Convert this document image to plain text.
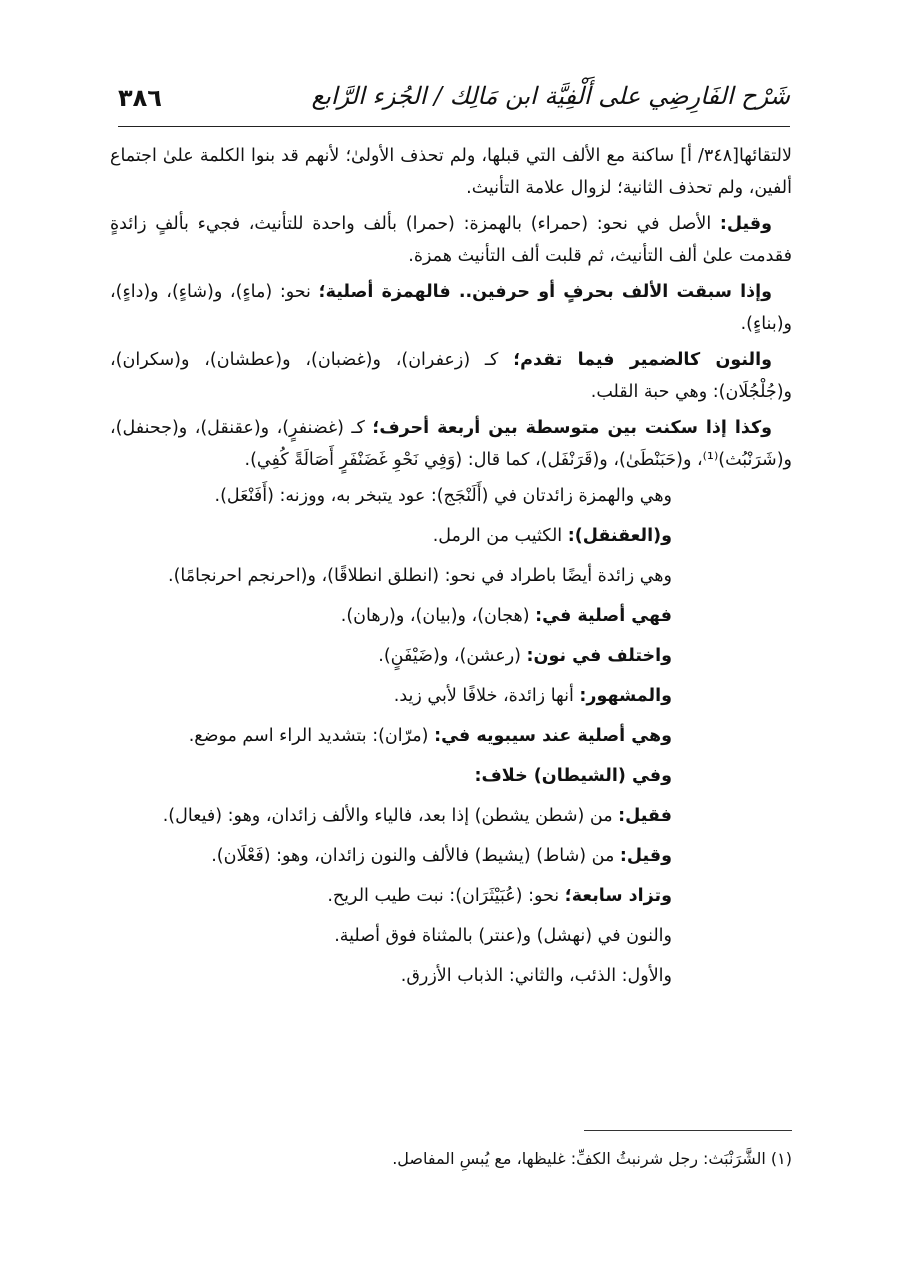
شَرْح الفَارِضِي على أَلْفِيَّة ابن مَالِك / الجُزء الرَّابع
٣٨٦

لالتقائها[٣٤٨/ أ] ساكنة مع الألف التي قبلها، ولم تحذف الأولىٰ؛ لأنهم قد بنوا الكلمة علىٰ اجتماع ألفين، ولم تحذف الثانية؛ لزوال علامة التأنيث.

وقيل: الأصل في نحو: (حمراء) بالهمزة: (حمرا) بألف واحدة للتأنيث، فجيء بألفٍ زائدةٍ فقدمت علىٰ ألف التأنيث، ثم قلبت ألف التأنيث همزة.

وإذا سبقت الألف بحرفٍ أو حرفين.. فالهمزة أصلية؛ نحو: (ماءٍ)، و(شاءٍ)، و(داءٍ)، و(بناءٍ).

والنون كالضمير فيما تقدم؛ كـ (زعفران)، و(غضبان)، و(عطشان)، و(سكران)، و(جُلْجُلَان): وهي حبة القلب.

وكذا إذا سكنت بين متوسطة بين أربعة أحرف؛ كـ (غضنفرٍ)، و(عقنقل)، و(جحنفل)، و(شَرَنْبُث)⁽¹⁾، و(حَبَنْطَىٰ)، و(قَرَنْفَل)، كما قال: (وَفِي نَحْوِ غَضَنْفَرٍ أَصَالَةً كُفِي).

وهي والهمزة زائدتان في (أَلَنْجَج): عود يتبخر به، ووزنه: (أَفَنْعَل).

و(العقنقل): الكثيب من الرمل.

وهي زائدة أيضًا باطراد في نحو: (انطلق انطلاقًا)، و(احرنجم احرنجامًا).

فهي أصلية في: (هجان)، و(بيان)، و(رهان).

واختلف في نون: (رعشن)، و(ضَيْفَنٍ).

والمشهور: أنها زائدة، خلافًا لأبي زيد.

وهي أصلية عند سيبويه في: (مرّان): بتشديد الراء اسم موضع.

وفي (الشيطان) خلاف:

فقيل: من (شطن يشطن) إذا بعد، فالياء والألف زائدان، وهو: (فيعال).

وقيل: من (شاط) (يشيط) فالألف والنون زائدان، وهو: (فَعْلَان).

وتزاد سابعة؛ نحو: (عُبَيْثَرَان): نبت طيب الريح.

والنون في (نهشل) و(عنتر) بالمثناة فوق أصلية.

والأول: الذئب، والثاني: الذباب الأزرق.

(١) الشَّرَنْبَث: رجل شرنبثُ الكفِّ: غليظها، مع يُبسِ المفاصل.
